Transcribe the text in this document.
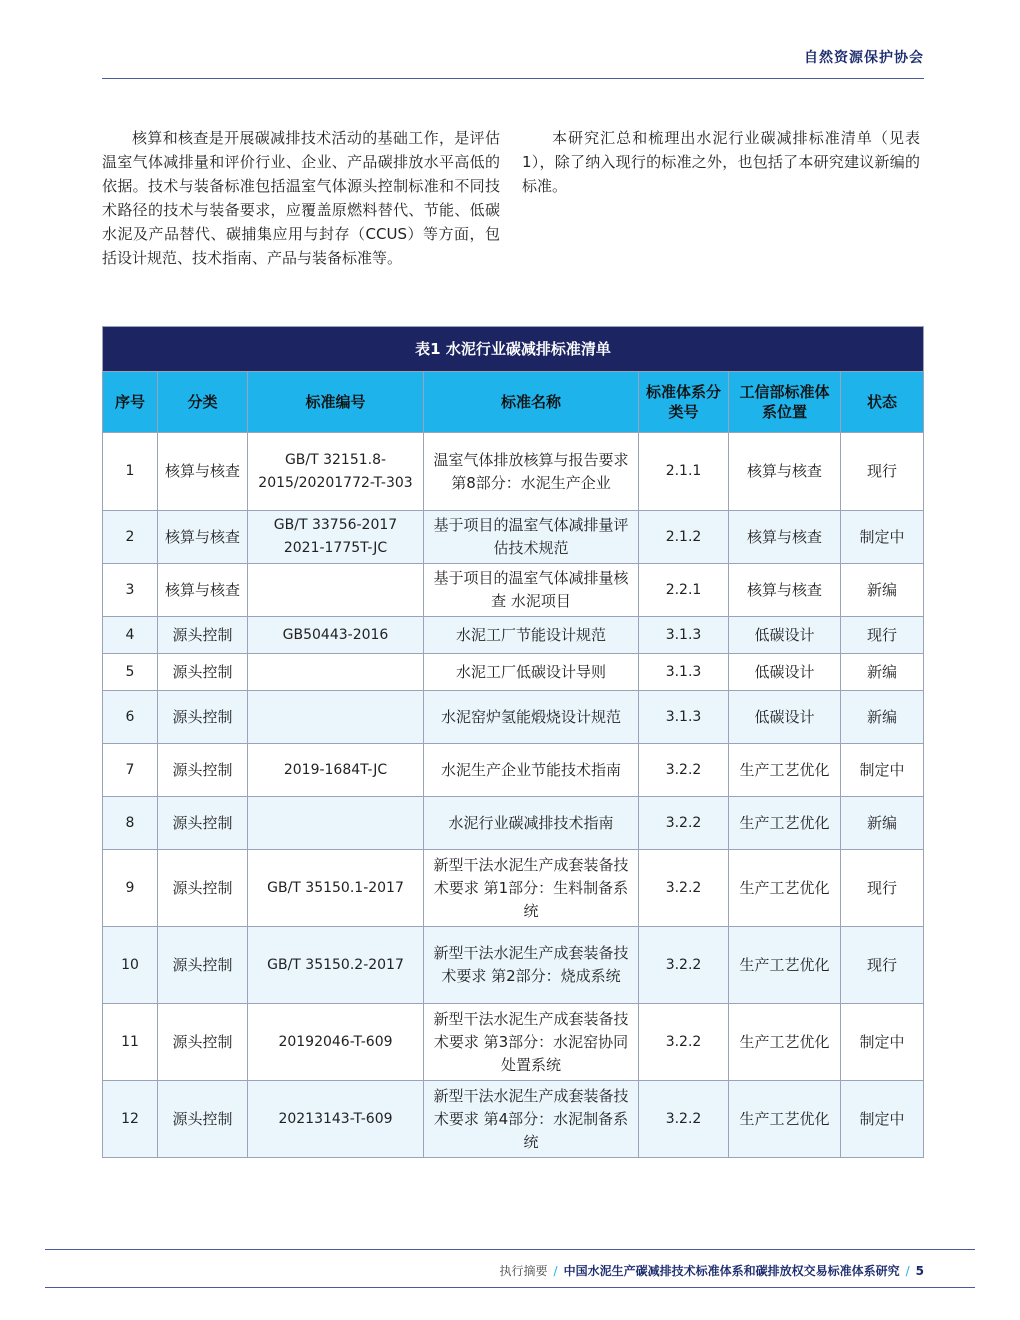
自然资源保护协会

核算和核查是开展碳减排技术活动的基础工作，是评估温室气体减排量和评价行业、企业、产品碳排放水平高低的依据。技术与装备标准包括温室气体源头控制标准和不同技术路径的技术与装备要求，应覆盖原燃料替代、节能、低碳水泥及产品替代、碳捕集应用与封存（CCUS）等方面，包括设计规范、技术指南、产品与装备标准等。

本研究汇总和梳理出水泥行业碳减排标准清单（见表1），除了纳入现行的标准之外，也包括了本研究建议新编的标准。

表1 水泥行业碳减排标准清单						
序号	分类	标准编号	标准名称	标准体系分类号	工信部标准体系位置	状态
1	核算与核查	GB/T 32151.8-2015/20201772-T-303	温室气体排放核算与报告要求 第8部分：水泥生产企业	2.1.1	核算与核查	现行
2	核算与核查	GB/T 33756-2017 2021-1775T-JC	基于项目的温室气体减排量评估技术规范	2.1.2	核算与核查	制定中
3	核算与核查		基于项目的温室气体减排量核查 水泥项目	2.2.1	核算与核查	新编
4	源头控制	GB50443-2016	水泥工厂节能设计规范	3.1.3	低碳设计	现行
5	源头控制		水泥工厂低碳设计导则	3.1.3	低碳设计	新编
6	源头控制		水泥窑炉氢能煅烧设计规范	3.1.3	低碳设计	新编
7	源头控制	2019-1684T-JC	水泥生产企业节能技术指南	3.2.2	生产工艺优化	制定中
8	源头控制		水泥行业碳减排技术指南	3.2.2	生产工艺优化	新编
9	源头控制	GB/T 35150.1-2017	新型干法水泥生产成套装备技术要求 第1部分：生料制备系统	3.2.2	生产工艺优化	现行
10	源头控制	GB/T 35150.2-2017	新型干法水泥生产成套装备技术要求 第2部分：烧成系统	3.2.2	生产工艺优化	现行
11	源头控制	20192046-T-609	新型干法水泥生产成套装备技术要求 第3部分：水泥窑协同处置系统	3.2.2	生产工艺优化	制定中
12	源头控制	20213143-T-609	新型干法水泥生产成套装备技术要求 第4部分：水泥制备系统	3.2.2	生产工艺优化	制定中
执行摘要 / 中国水泥生产碳减排技术标准体系和碳排放权交易标准体系研究 / 5
